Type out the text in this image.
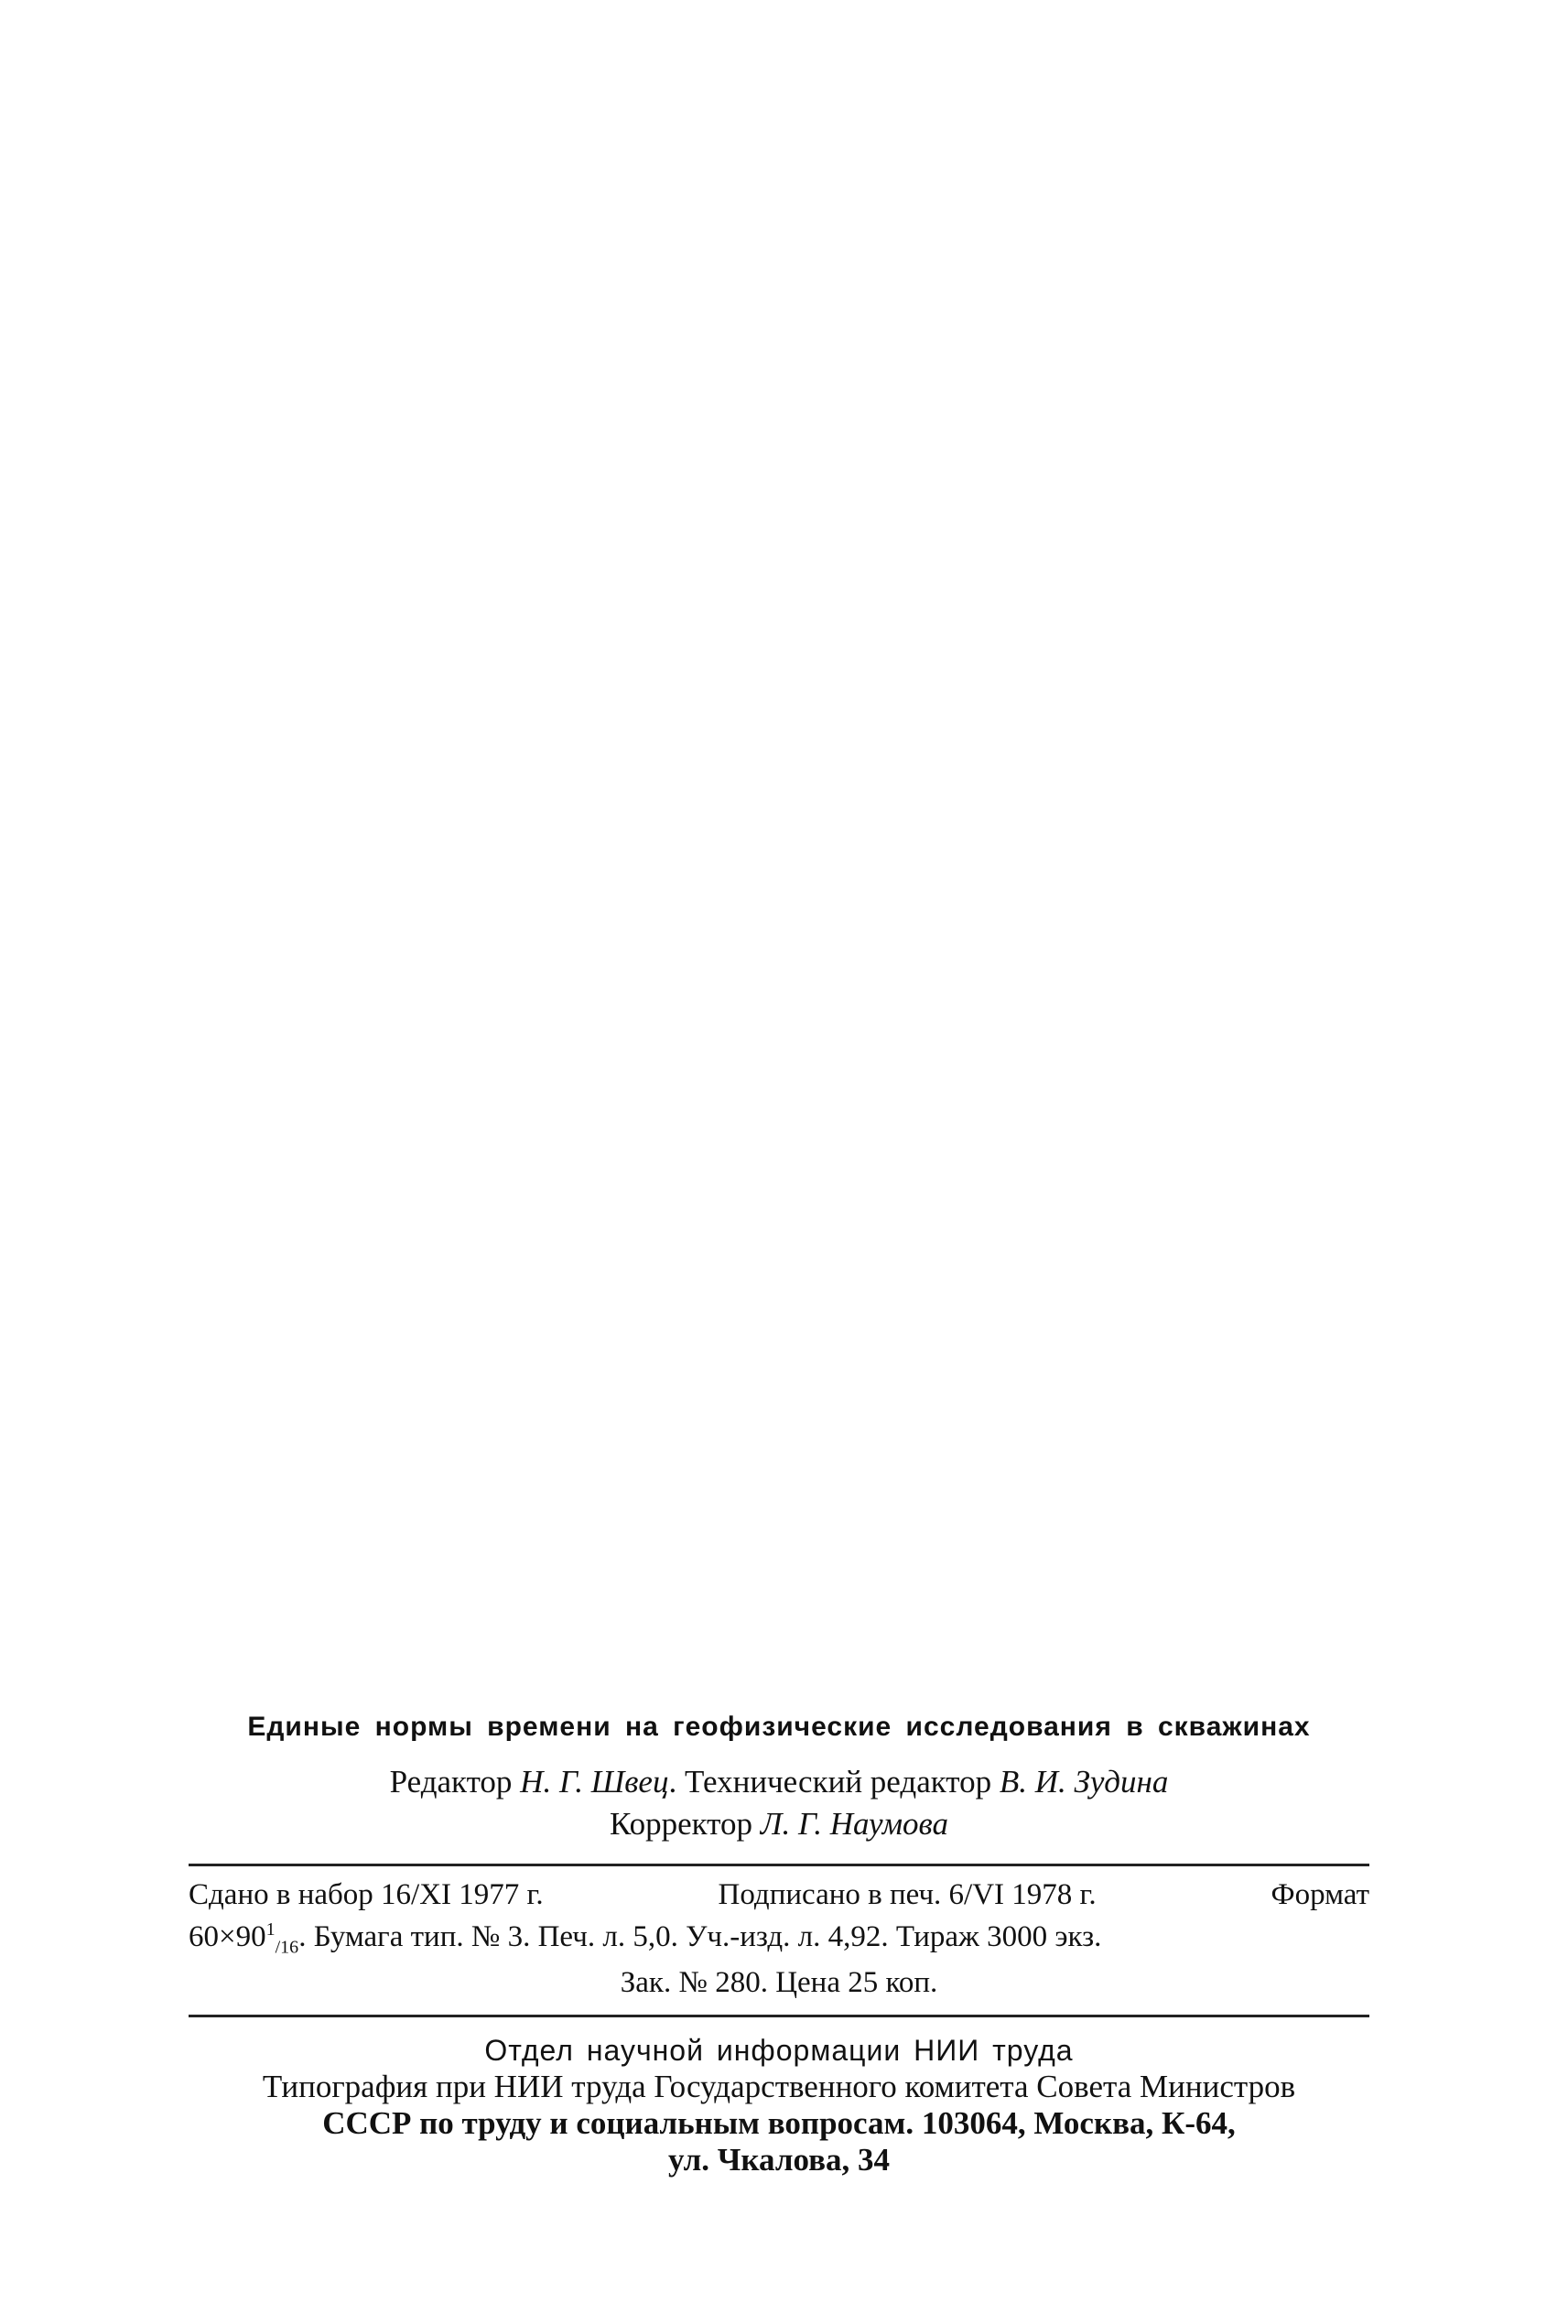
Единые нормы времени на геофизические исследования в скважинах

Редактор Н. Г. Швец. Технический редактор В. И. Зудина

Корректор Л. Г. Наумова

Сдано в набор 16/XI 1977 г.	Подписано в печ. 6/VI 1978 г.	Формат
$60\times 90^1_{/16}$. Бумага тип. № 3. Печ. л. 5,0. Уч.-изд. л. 4,92. Тираж 3000 экз.
Зак. № 280. Цена 25 коп.
Отдел научной информации НИИ труда
Типография при НИИ труда Государственного комитета Совета Министров
СССР по труду и социальным вопросам. 103064, Москва, К-64,
ул. Чкалова, 34
